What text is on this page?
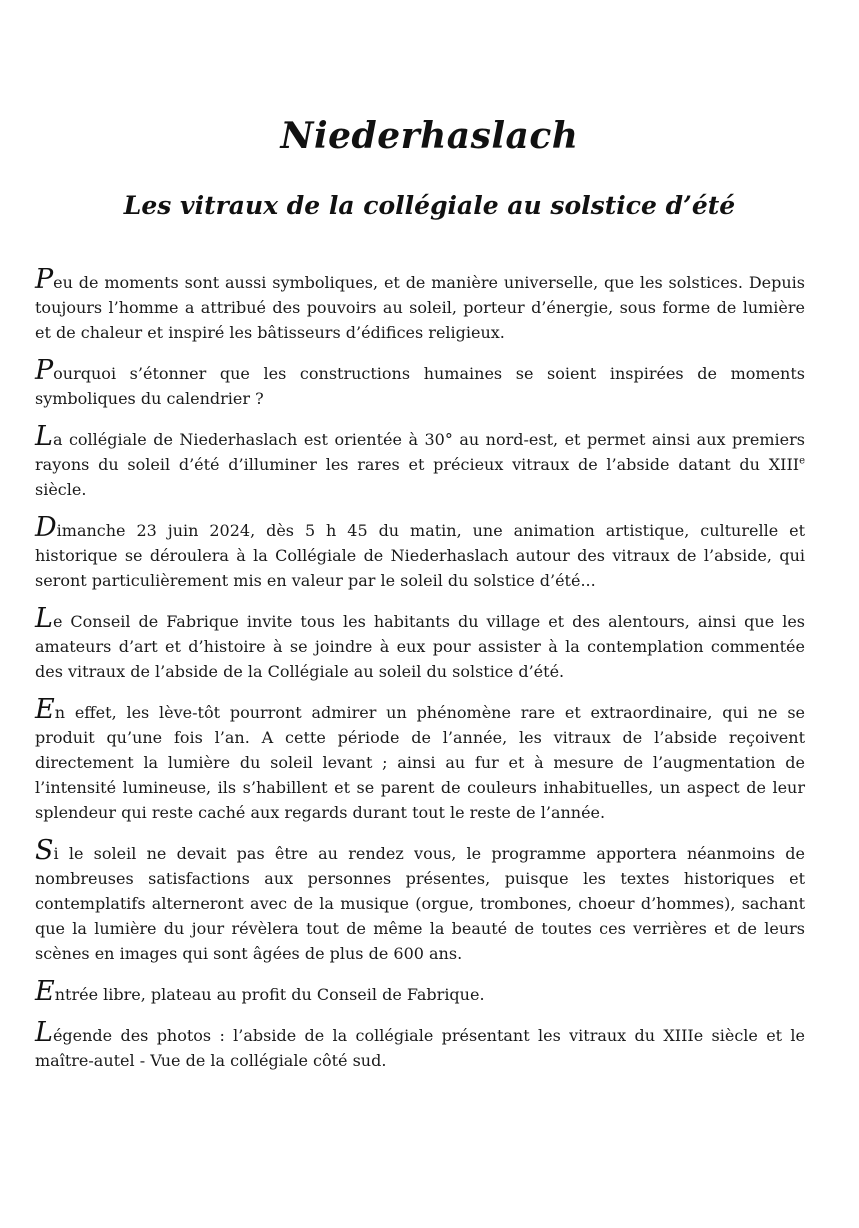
Niederhaslach
Les vitraux de la collégiale au solstice d’été

Peu de moments sont aussi symboliques, et de manière universelle, que les solstices. Depuis toujours l’homme a attribué des pouvoirs au soleil, porteur d’énergie, sous forme de lumière et de chaleur et inspiré les bâtisseurs d’édifices religieux.

Pourquoi s’étonner que les constructions humaines se soient inspirées de moments symboliques du calendrier ?

La collégiale de Niederhaslach est orientée à 30° au nord-est, et permet ainsi aux premiers rayons du soleil d’été d’illuminer les rares et précieux vitraux de l’abside datant du XIIIe siècle.

Dimanche 23 juin 2024, dès 5 h 45 du matin, une animation artistique, culturelle et historique se déroulera à la Collégiale de Niederhaslach autour des vitraux de l’abside, qui seront particulièrement mis en valeur par le soleil du solstice d’été...

Le Conseil de Fabrique invite tous les habitants du village et des alentours, ainsi que les amateurs d’art et d’histoire à se joindre à eux pour assister à la contemplation commentée des vitraux de l’abside de la Collégiale au soleil du solstice d’été.

En effet, les lève-tôt pourront admirer un phénomène rare et extraordinaire, qui ne se produit qu’une fois l’an. A cette période de l’année, les vitraux de l’abside reçoivent directement la lumière du soleil levant ; ainsi au fur et à mesure de l’augmentation de l’intensité lumineuse, ils s’habillent et se parent de couleurs inhabituelles, un aspect de leur splendeur qui reste caché aux regards durant tout le reste de l’année.

Si le soleil ne devait pas être au rendez vous, le programme apportera néanmoins de nombreuses satisfactions aux personnes présentes, puisque les textes historiques et contemplatifs alterneront avec de la musique (orgue, trombones, choeur d’hommes), sachant que la lumière du jour révèlera tout de même la beauté de toutes ces verrières et de leurs scènes en images qui sont âgées de plus de 600 ans.

Entrée libre, plateau au profit du Conseil de Fabrique.

Légende des photos : l’abside de la collégiale présentant les vitraux du XIIIe siècle et le maître-autel - Vue de la collégiale côté sud.
